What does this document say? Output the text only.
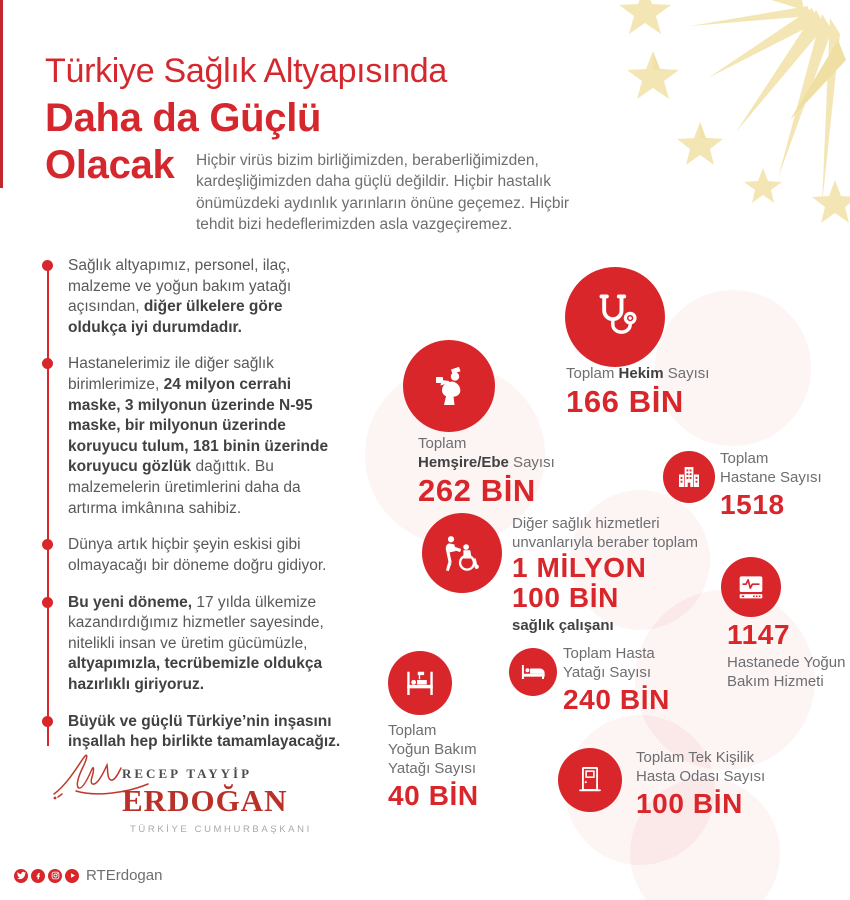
Türkiye Sağlık Altyapısında
Daha da Güçlü
Olacak Hiçbir virüs bizim birliğimizden, beraberliğimizden, kardeşliğimizden daha güçlü değildir. Hiçbir hastalık önümüzdeki aydınlık yarınların önüne geçemez. Hiçbir tehdit bizi hedeflerimizden asla vazgeçiremez.
Sağlık altyapımız, personel, ilaç, malzeme ve yoğun bakım yatağı açısından, diğer ülkelere göre oldukça iyi durumdadır.
Hastanelerimiz ile diğer sağlık birimlerimize, 24 milyon cerrahi maske, 3 milyonun üzerinde N-95 maske, bir milyonun üzerinde koruyucu tulum, 181 binin üzerinde koruyucu gözlük dağıttık. Bu malzemelerin üretimlerini daha da artırma imkânına sahibiz.
Dünya artık hiçbir şeyin eskisi gibi olmayacağı bir döneme doğru gidiyor.
Bu yeni döneme, 17 yılda ülkemize kazandırdığımız hizmetler sayesinde, nitelikli insan ve üretim gücümüzle, altyapımızla, tecrübemizle oldukça hazırlıklı giriyoruz.
Büyük ve güçlü Türkiye’nin inşasını inşallah hep birlikte tamamlayacağız.
RECEP TAYYİP
ERDOĞAN
TÜRKİYE CUMHURBAŞKANI
Toplam Hekim Sayısı
166 BİN
Toplam
Hemşire/Ebe Sayısı
262 BİN
Toplam
Hastane Sayısı
1518
Diğer sağlık hizmetleri
unvanlarıyla beraber toplam
1 MİLYON
100 BİN
sağlık çalışanı	1147
Hastanede Yoğun
Bakım Hizmeti
Toplam Hasta
Yatağı Sayısı
240 BİN
Toplam
Yoğun Bakım
Yatağı Sayısı
40 BİN
Toplam Tek Kişilik
Hasta Odası Sayısı
100 BİN
RTErdogan
